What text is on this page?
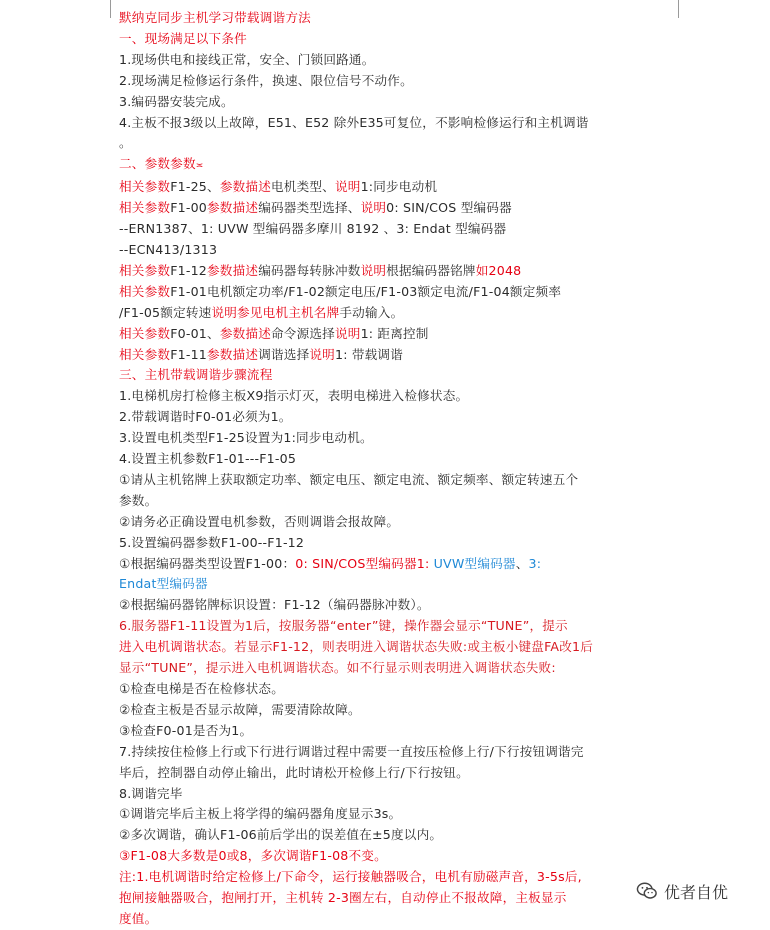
默纳克同步主机学习带载调谐方法
一、现场满足以下条件
1.现场供电和接线正常，安全、门锁回路通。
2.现场满足检修运行条件，换速、限位信号不动作。
3.编码器安装完成。
4.主板不报3级以上故障，E51、E52 除外E35可复位，不影响检修运行和主机调谐
。
二、参数参数≍
相关参数F1-25、参数描述电机类型、说明1:同步电动机
相关参数F1-00参数描述编码器类型选择、说明0: SIN/COS 型编码器
--ERN1387、1: UVW 型编码器多摩川 8192 、3: Endat 型编码器
--ECN413/1313
相关参数F1-12参数描述编码器每转脉冲数说明根据编码器铭牌如2048
相关参数F1-01电机额定功率/F1-02额定电压/F1-03额定电流/F1-04额定频率
/F1-05额定转速说明参见电机主机名牌手动输入。
相关参数F0-01、参数描述命令源选择说明1: 距离控制
相关参数F1-11参数描述调谐选择说明1: 带载调谐
三、主机带载调谐步骤流程
1.电梯机房打检修主板X9指示灯灭，表明电梯进入检修状态。
2.带载调谐时F0-01必须为1。
3.设置电机类型F1-25设置为1:同步电动机。
4.设置主机参数F1-01---F1-05
①请从主机铭牌上获取额定功率、额定电压、额定电流、额定频率、额定转速五个
参数。
②请务必正确设置电机参数，否则调谐会报故障。
5.设置编码器参数F1-00--F1-12
①根据编码器类型设置F1-00：0: SIN/COS型编码器1: UVW型编码器、3:
Endat型编码器
②根据编码器铭牌标识设置：F1-12（编码器脉冲数）。
6.服务器F1-11设置为1后，按服务器“enter”键，操作器会显示“TUNE”，提示
进入电机调谐状态。若显示F1-12，则表明进入调谐状态失败:或主板小键盘FA改1后
显示“TUNE”，提示进入电机调谐状态。如不行显示则表明进入调谐状态失败:
①检查电梯是否在检修状态。
②检查主板是否显示故障，需要清除故障。
③检查F0-01是否为1。
7.持续按住检修上行或下行进行调谐过程中需要一直按压检修上行/下行按钮调谐完
毕后，控制器自动停止输出，此时请松开检修上行/下行按钮。
8.调谐完毕
①调谐完毕后主板上将学得的编码器角度显示3s。
②多次调谐，确认F1-06前后学出的误差值在±5度以内。
③F1-08大多数是0或8，多次调谐F1-08不变。
注:1.电机调谐时给定检修上/下命令，运行接触器吸合，电机有励磁声音，3-5s后,
抱闸接触器吸合，抱闸打开，主机转 2-3圈左右，自动停止不报故障，主板显示
度值。
优者自优
